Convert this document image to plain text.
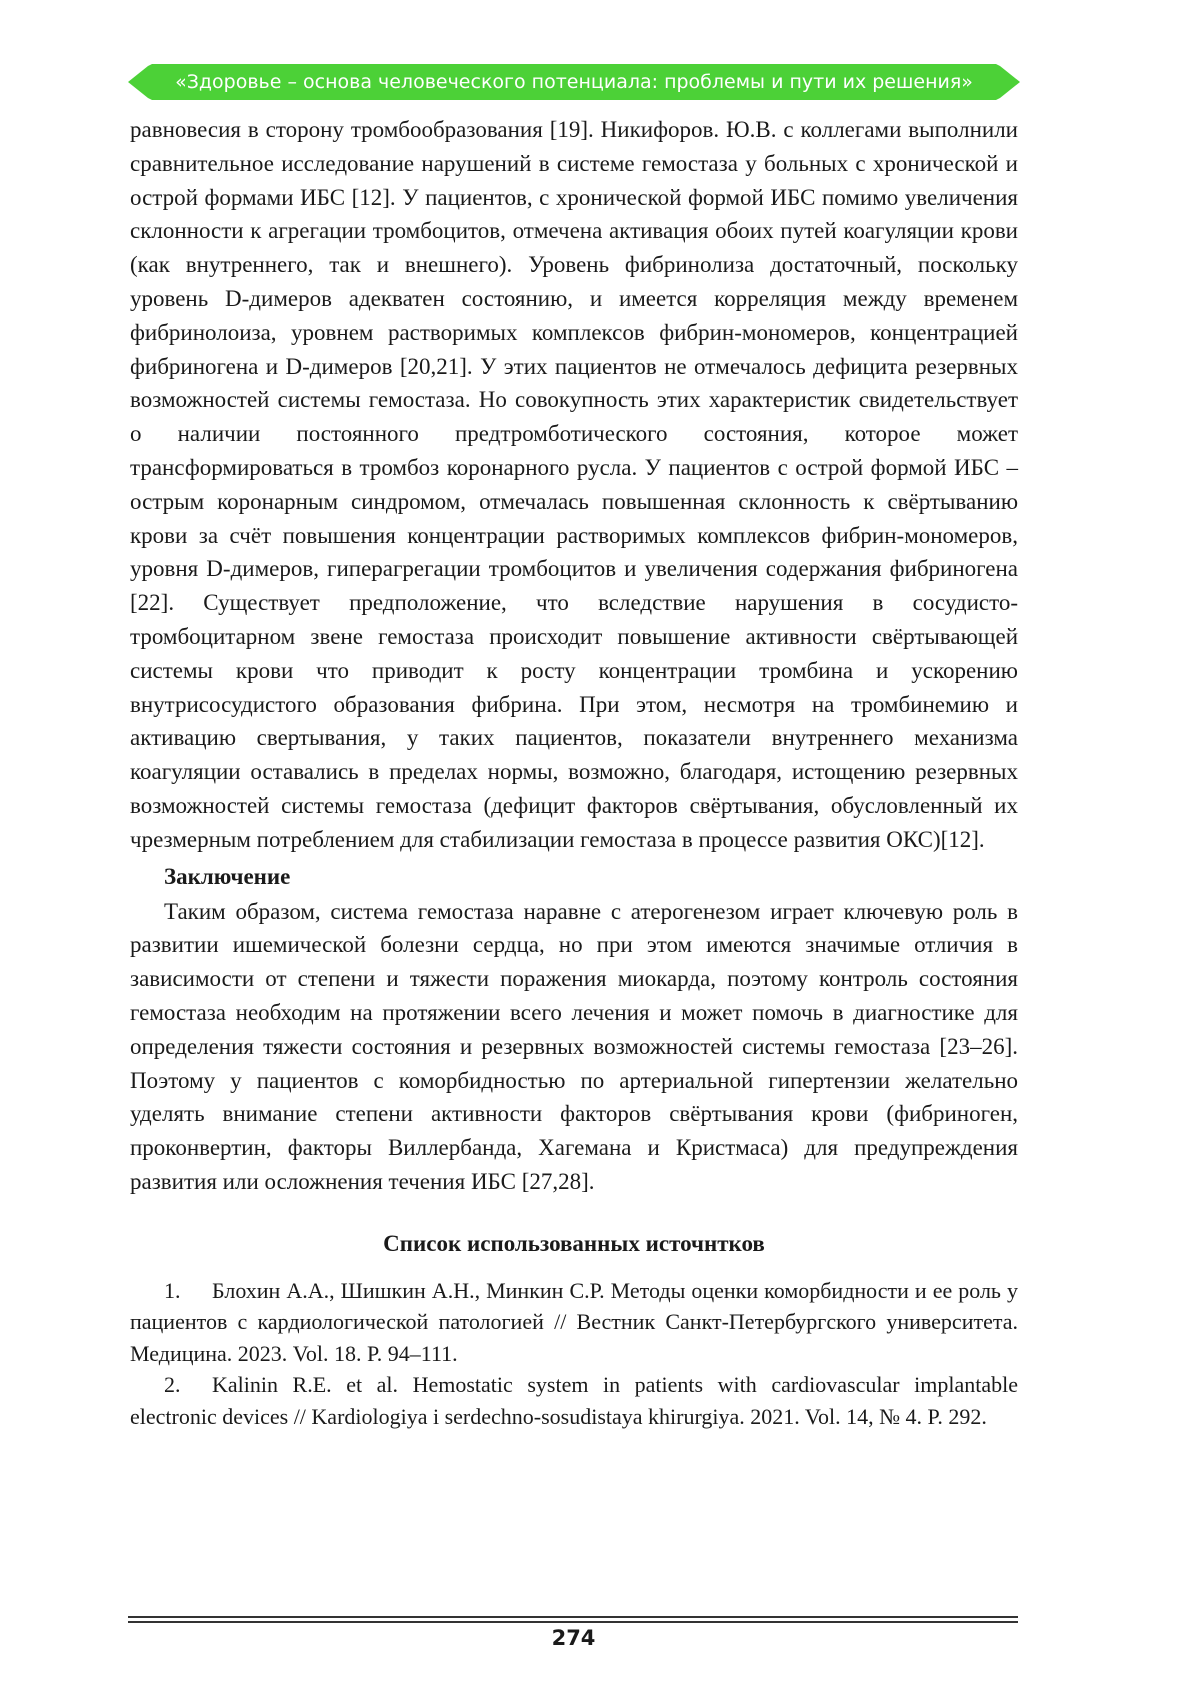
«Здоровье – основа человеческого потенциала: проблемы и пути их решения»

равновесия в сторону тромбообразования [19]. Никифоров. Ю.В. с коллегами выполнили сравнительное исследование нарушений в системе гемостаза у больных с хронической и острой формами ИБС [12]. У пациентов, с хронической формой ИБС помимо увеличения склонности к агрегации тромбоцитов, отмечена активация обоих путей коагуляции крови (как внутреннего, так и внешнего). Уровень фибринолиза достаточный, поскольку уровень D-димеров адекватен состоянию, и имеется корреляция между временем фибринолоиза, уровнем растворимых комплексов фибрин-мономеров, концентрацией фибриногена и D-димеров [20,21]. У этих пациентов не отмечалось дефицита резервных возможностей системы гемостаза. Но совокупность этих характеристик свидетельствует о наличии постоянного предтромботического состояния, которое может трансформироваться в тромбоз коронарного русла. У пациентов с острой формой ИБС – острым коронарным синдромом, отмечалась повышенная склонность к свёртыванию крови за счёт повышения концентрации растворимых комплексов фибрин-мономеров, уровня D-димеров, гиперагрегации тромбоцитов и увеличения содержания фибриногена [22]. Существует предположение, что вследствие нарушения в сосудисто-тромбоцитарном звене гемостаза происходит повышение активности свёртывающей системы крови что приводит к росту концентрации тромбина и ускорению внутрисосудистого образования фибрина. При этом, несмотря на тромбинемию и активацию свертывания, у таких пациентов, показатели внутреннего механизма коагуляции оставались в пределах нормы, возможно, благодаря, истощению резервных возможностей системы гемостаза (дефицит факторов свёртывания, обусловленный их чрезмерным потреблением для стабилизации гемостаза в процессе развития ОКС)[12].

Заключение

Таким образом, система гемостаза наравне с атерогенезом играет ключевую роль в развитии ишемической болезни сердца, но при этом имеются значимые отличия в зависимости от степени и тяжести поражения миокарда, поэтому контроль состояния гемостаза необходим на протяжении всего лечения и может помочь в диагностике для определения тяжести состояния и резервных возможностей системы гемостаза [23–26]. Поэтому у пациентов с коморбидностью по артериальной гипертензии желательно уделять внимание степени активности факторов свёртывания крови (фибриноген, проконвертин, факторы Виллербанда, Хагемана и Кристмаса) для предупреждения развития или осложнения течения ИБС [27,28].

Список использованных источнтков

1. Блохин А.А., Шишкин А.Н., Минкин С.Р. Методы оценки коморбидности и ее роль у пациентов с кардиологической патологией // Вестник Санкт-Петербургского университета. Медицина. 2023. Vol. 18. P. 94–111.

2. Kalinin R.E. et al. Hemostatic system in patients with cardiovascular implantable electronic devices // Kardiologiya i serdechno-sosudistaya khirurgiya. 2021. Vol. 14, № 4. P. 292.

274
